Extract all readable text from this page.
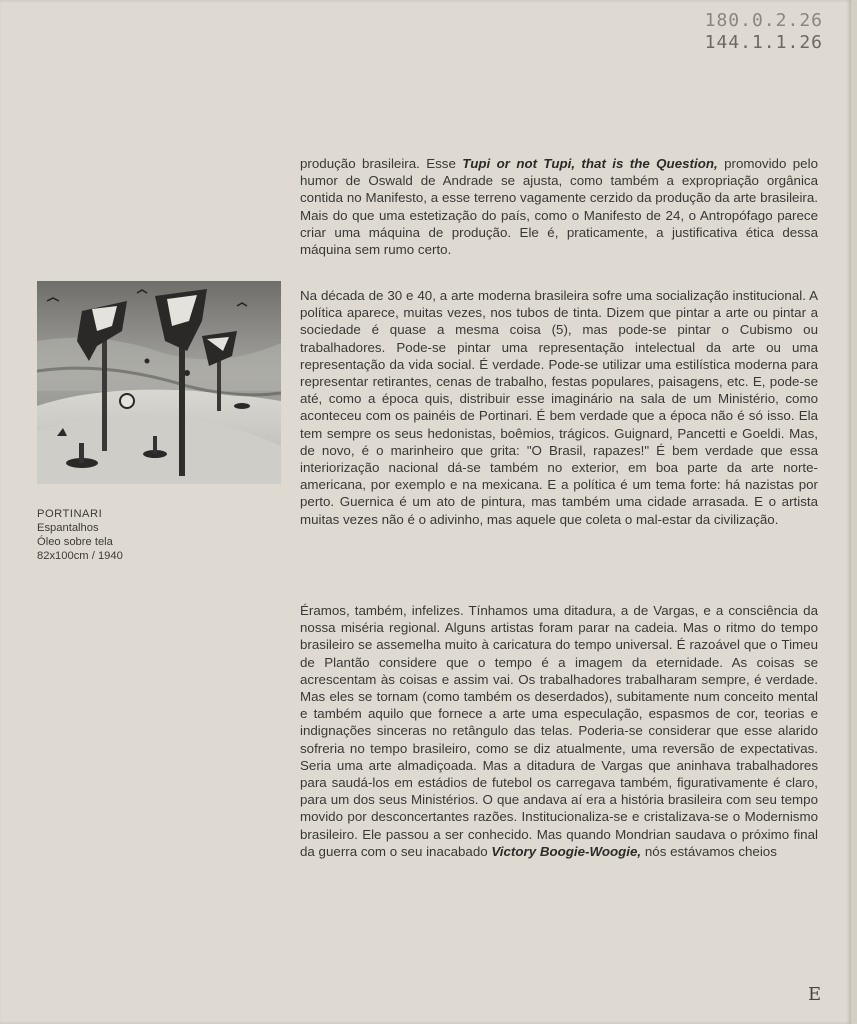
180.0.2.26
144.1.1.26
PORTINARI
Espantalhos
Óleo sobre tela
82x100cm / 1940

produção brasileira. Esse Tupi or not Tupi, that is the Question, promovido pelo humor de Oswald de Andrade se ajusta, como também a expropriação orgânica contida no Manifesto, a esse terreno vagamente cerzido da produção da arte brasileira. Mais do que uma estetização do país, como o Manifesto de 24, o Antropófago parece criar uma máquina de produção. Ele é, praticamente, a justificativa ética dessa máquina sem rumo certo.

Na década de 30 e 40, a arte moderna brasileira sofre uma socialização institucional. A política aparece, muitas vezes, nos tubos de tinta. Dizem que pintar a arte ou pintar a sociedade é quase a mesma coisa (5), mas pode-se pintar o Cubismo ou trabalhadores. Pode-se pintar uma representação intelectual da arte ou uma representação da vida social. É verdade. Pode-se utilizar uma estilística moderna para representar retirantes, cenas de trabalho, festas populares, paisagens, etc. E, pode-se até, como a época quis, distribuir esse imaginário na sala de um Ministério, como aconteceu com os painéis de Portinari. É bem verdade que a época não é só isso. Ela tem sempre os seus hedonistas, boêmios, trágicos. Guignard, Pancetti e Goeldi. Mas, de novo, é o marinheiro que grita: "O Brasil, rapazes!" É bem verdade que essa interiorização nacional dá-se também no exterior, em boa parte da arte norte-americana, por exemplo e na mexicana. E a política é um tema forte: há nazistas por perto. Guernica é um ato de pintura, mas também uma cidade arrasada. E o artista muitas vezes não é o adivinho, mas aquele que coleta o mal-estar da civilização.

Éramos, também, infelizes. Tínhamos uma ditadura, a de Vargas, e a consciência da nossa miséria regional. Alguns artistas foram parar na cadeia. Mas o ritmo do tempo brasileiro se assemelha muito à caricatura do tempo universal. É razoável que o Timeu de Plantão considere que o tempo é a imagem da eternidade. As coisas se acrescentam às coisas e assim vai. Os trabalhadores trabalharam sempre, é verdade. Mas eles se tornam (como também os deserdados), subitamente num conceito mental e também aquilo que fornece a arte uma especulação, espasmos de cor, teorias e indignações sinceras no retângulo das telas. Poderia-se considerar que esse alarido sofreria no tempo brasileiro, como se diz atualmente, uma reversão de expectativas. Seria uma arte almadiçoada. Mas a ditadura de Vargas que aninhava trabalhadores para saudá-los em estádios de futebol os carregava também, figurativamente é claro, para um dos seus Ministérios. O que andava aí era a história brasileira com seu tempo movido por desconcertantes razões. Institucionaliza-se e cristalizava-se o Modernismo brasileiro. Ele passou a ser conhecido. Mas quando Mondrian saudava o próximo final da guerra com o seu inacabado Victory Boogie-Woogie, nós estávamos cheios

E
